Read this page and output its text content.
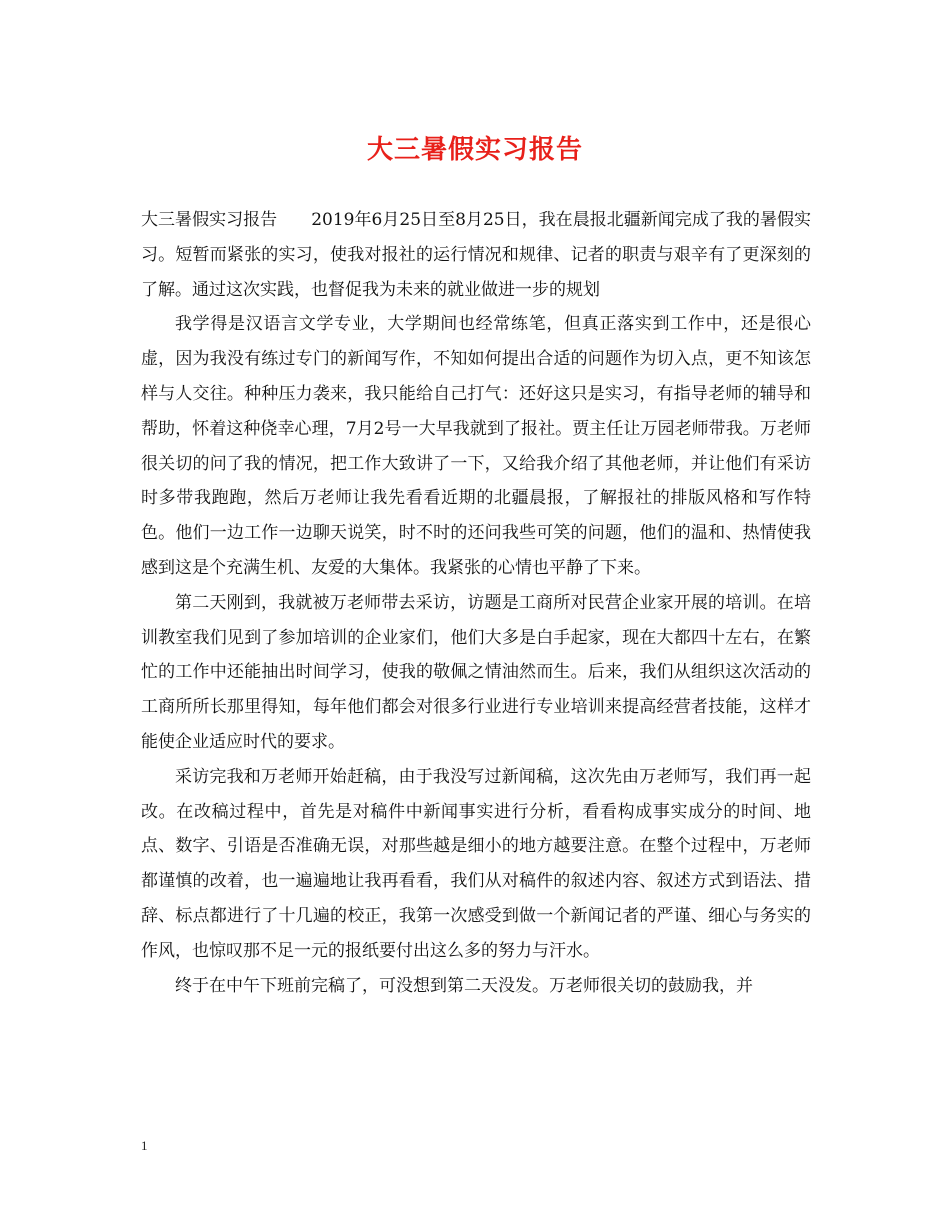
大三暑假实习报告

大三暑假实习报告　　2019年6月25日至8月25日，我在晨报北疆新闻完成了我的暑假实习。短暂而紧张的实习，使我对报社的运行情况和规律、记者的职责与艰辛有了更深刻的了解。通过这次实践，也督促我为未来的就业做进一步的规划

我学得是汉语言文学专业，大学期间也经常练笔，但真正落实到工作中，还是很心虚，因为我没有练过专门的新闻写作，不知如何提出合适的问题作为切入点，更不知该怎样与人交往。种种压力袭来，我只能给自己打气：还好这只是实习，有指导老师的辅导和帮助，怀着这种侥幸心理，7月2号一大早我就到了报社。贾主任让万园老师带我。万老师很关切的问了我的情况，把工作大致讲了一下，又给我介绍了其他老师，并让他们有采访时多带我跑跑，然后万老师让我先看看近期的北疆晨报，了解报社的排版风格和写作特色。他们一边工作一边聊天说笑，时不时的还问我些可笑的问题，他们的温和、热情使我感到这是个充满生机、友爱的大集体。我紧张的心情也平静了下来。

第二天刚到，我就被万老师带去采访，访题是工商所对民营企业家开展的培训。在培训教室我们见到了参加培训的企业家们，他们大多是白手起家，现在大都四十左右，在繁忙的工作中还能抽出时间学习，使我的敬佩之情油然而生。后来，我们从组织这次活动的工商所所长那里得知，每年他们都会对很多行业进行专业培训来提高经营者技能，这样才能使企业适应时代的要求。

采访完我和万老师开始赶稿，由于我没写过新闻稿，这次先由万老师写，我们再一起改。在改稿过程中，首先是对稿件中新闻事实进行分析，看看构成事实成分的时间、地点、数字、引语是否准确无误，对那些越是细小的地方越要注意。在整个过程中，万老师都谨慎的改着，也一遍遍地让我再看看，我们从对稿件的叙述内容、叙述方式到语法、措辞、标点都进行了十几遍的校正，我第一次感受到做一个新闻记者的严谨、细心与务实的作风，也惊叹那不足一元的报纸要付出这么多的努力与汗水。

终于在中午下班前完稿了，可没想到第二天没发。万老师很关切的鼓励我，并

1
